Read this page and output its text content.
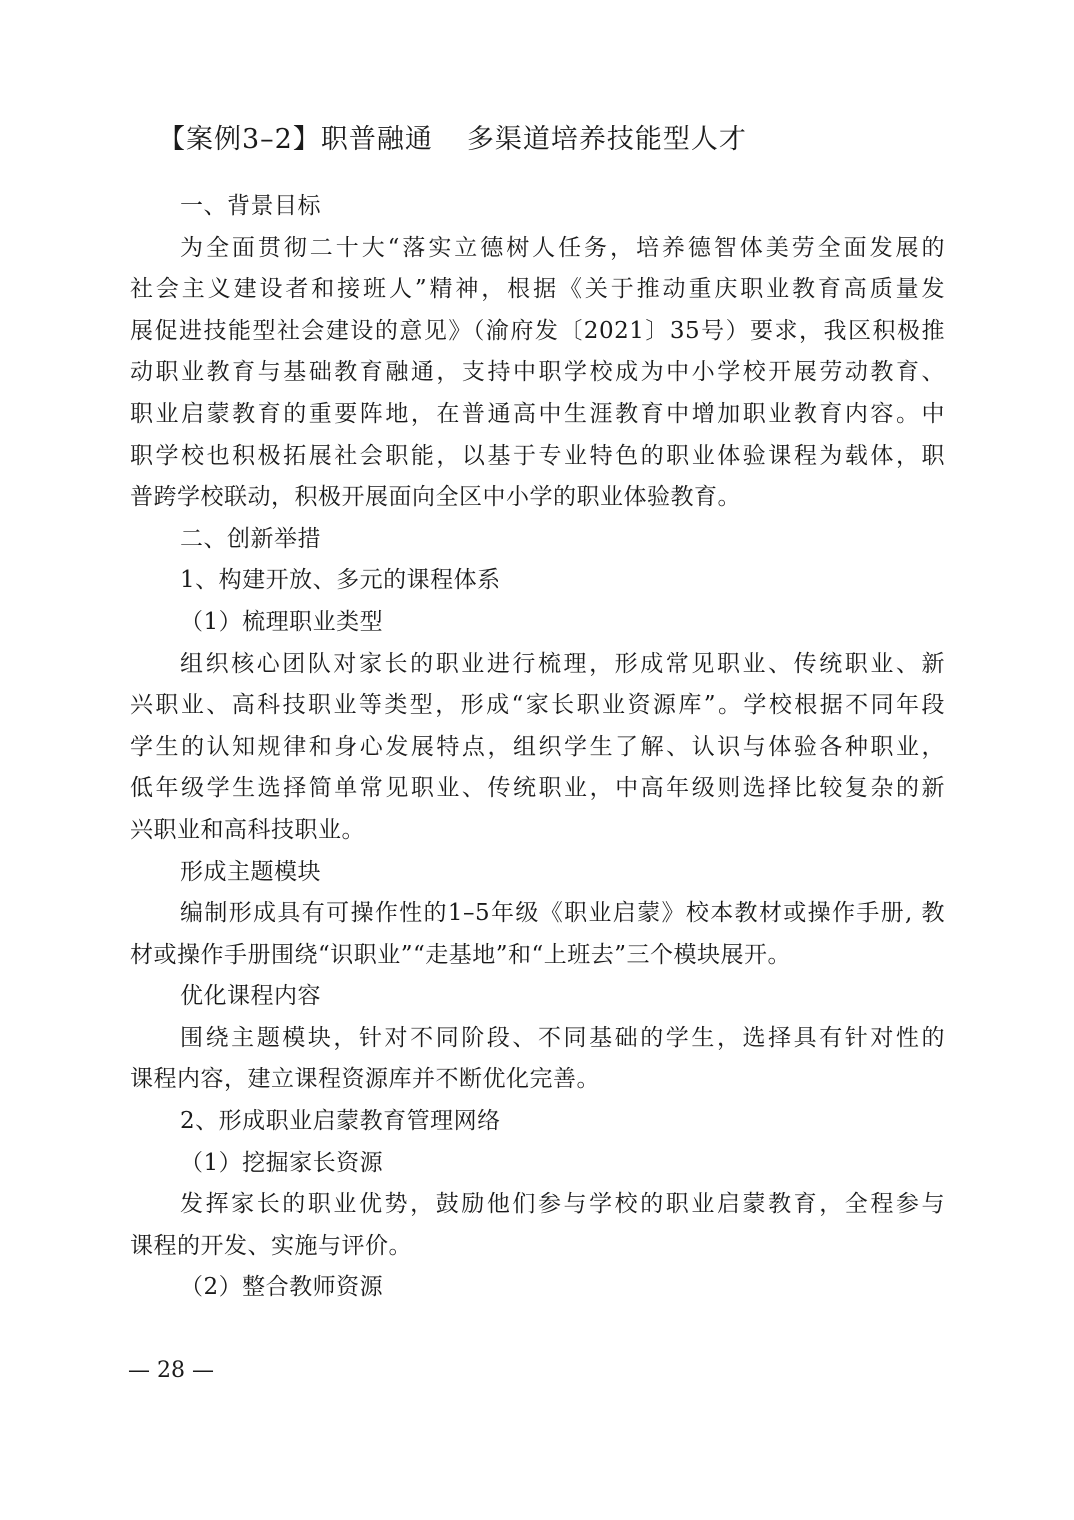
【案例3–2】职普融通 多渠道培养技能型人才

一、背景目标

为全面贯彻二十大“落实立德树人任务，培养德智体美劳全面发展的

社会主义建设者和接班人”精神，根据《关于推动重庆职业教育高质量发

展促进技能型社会建设的意见》（渝府发〔2021〕35号）要求，我区积极推

动职业教育与基础教育融通，支持中职学校成为中小学校开展劳动教育、

职业启蒙教育的重要阵地，在普通高中生涯教育中增加职业教育内容。中

职学校也积极拓展社会职能，以基于专业特色的职业体验课程为载体，职

普跨学校联动，积极开展面向全区中小学的职业体验教育。

二、创新举措

1、构建开放、多元的课程体系

（1）梳理职业类型

组织核心团队对家长的职业进行梳理，形成常见职业、传统职业、新

兴职业、高科技职业等类型，形成“家长职业资源库”。学校根据不同年段

学生的认知规律和身心发展特点，组织学生了解、认识与体验各种职业，

低年级学生选择简单常见职业、传统职业，中高年级则选择比较复杂的新

兴职业和高科技职业。

形成主题模块

编制形成具有可操作性的1–5年级《职业启蒙》校本教材或操作手册, 教

材或操作手册围绕“识职业”“走基地”和“上班去”三个模块展开。

优化课程内容

围绕主题模块，针对不同阶段、不同基础的学生，选择具有针对性的

课程内容，建立课程资源库并不断优化完善。

2、形成职业启蒙教育管理网络

（1）挖掘家长资源

发挥家长的职业优势，鼓励他们参与学校的职业启蒙教育，全程参与

课程的开发、实施与评价。

（2）整合教师资源

— 28 —
